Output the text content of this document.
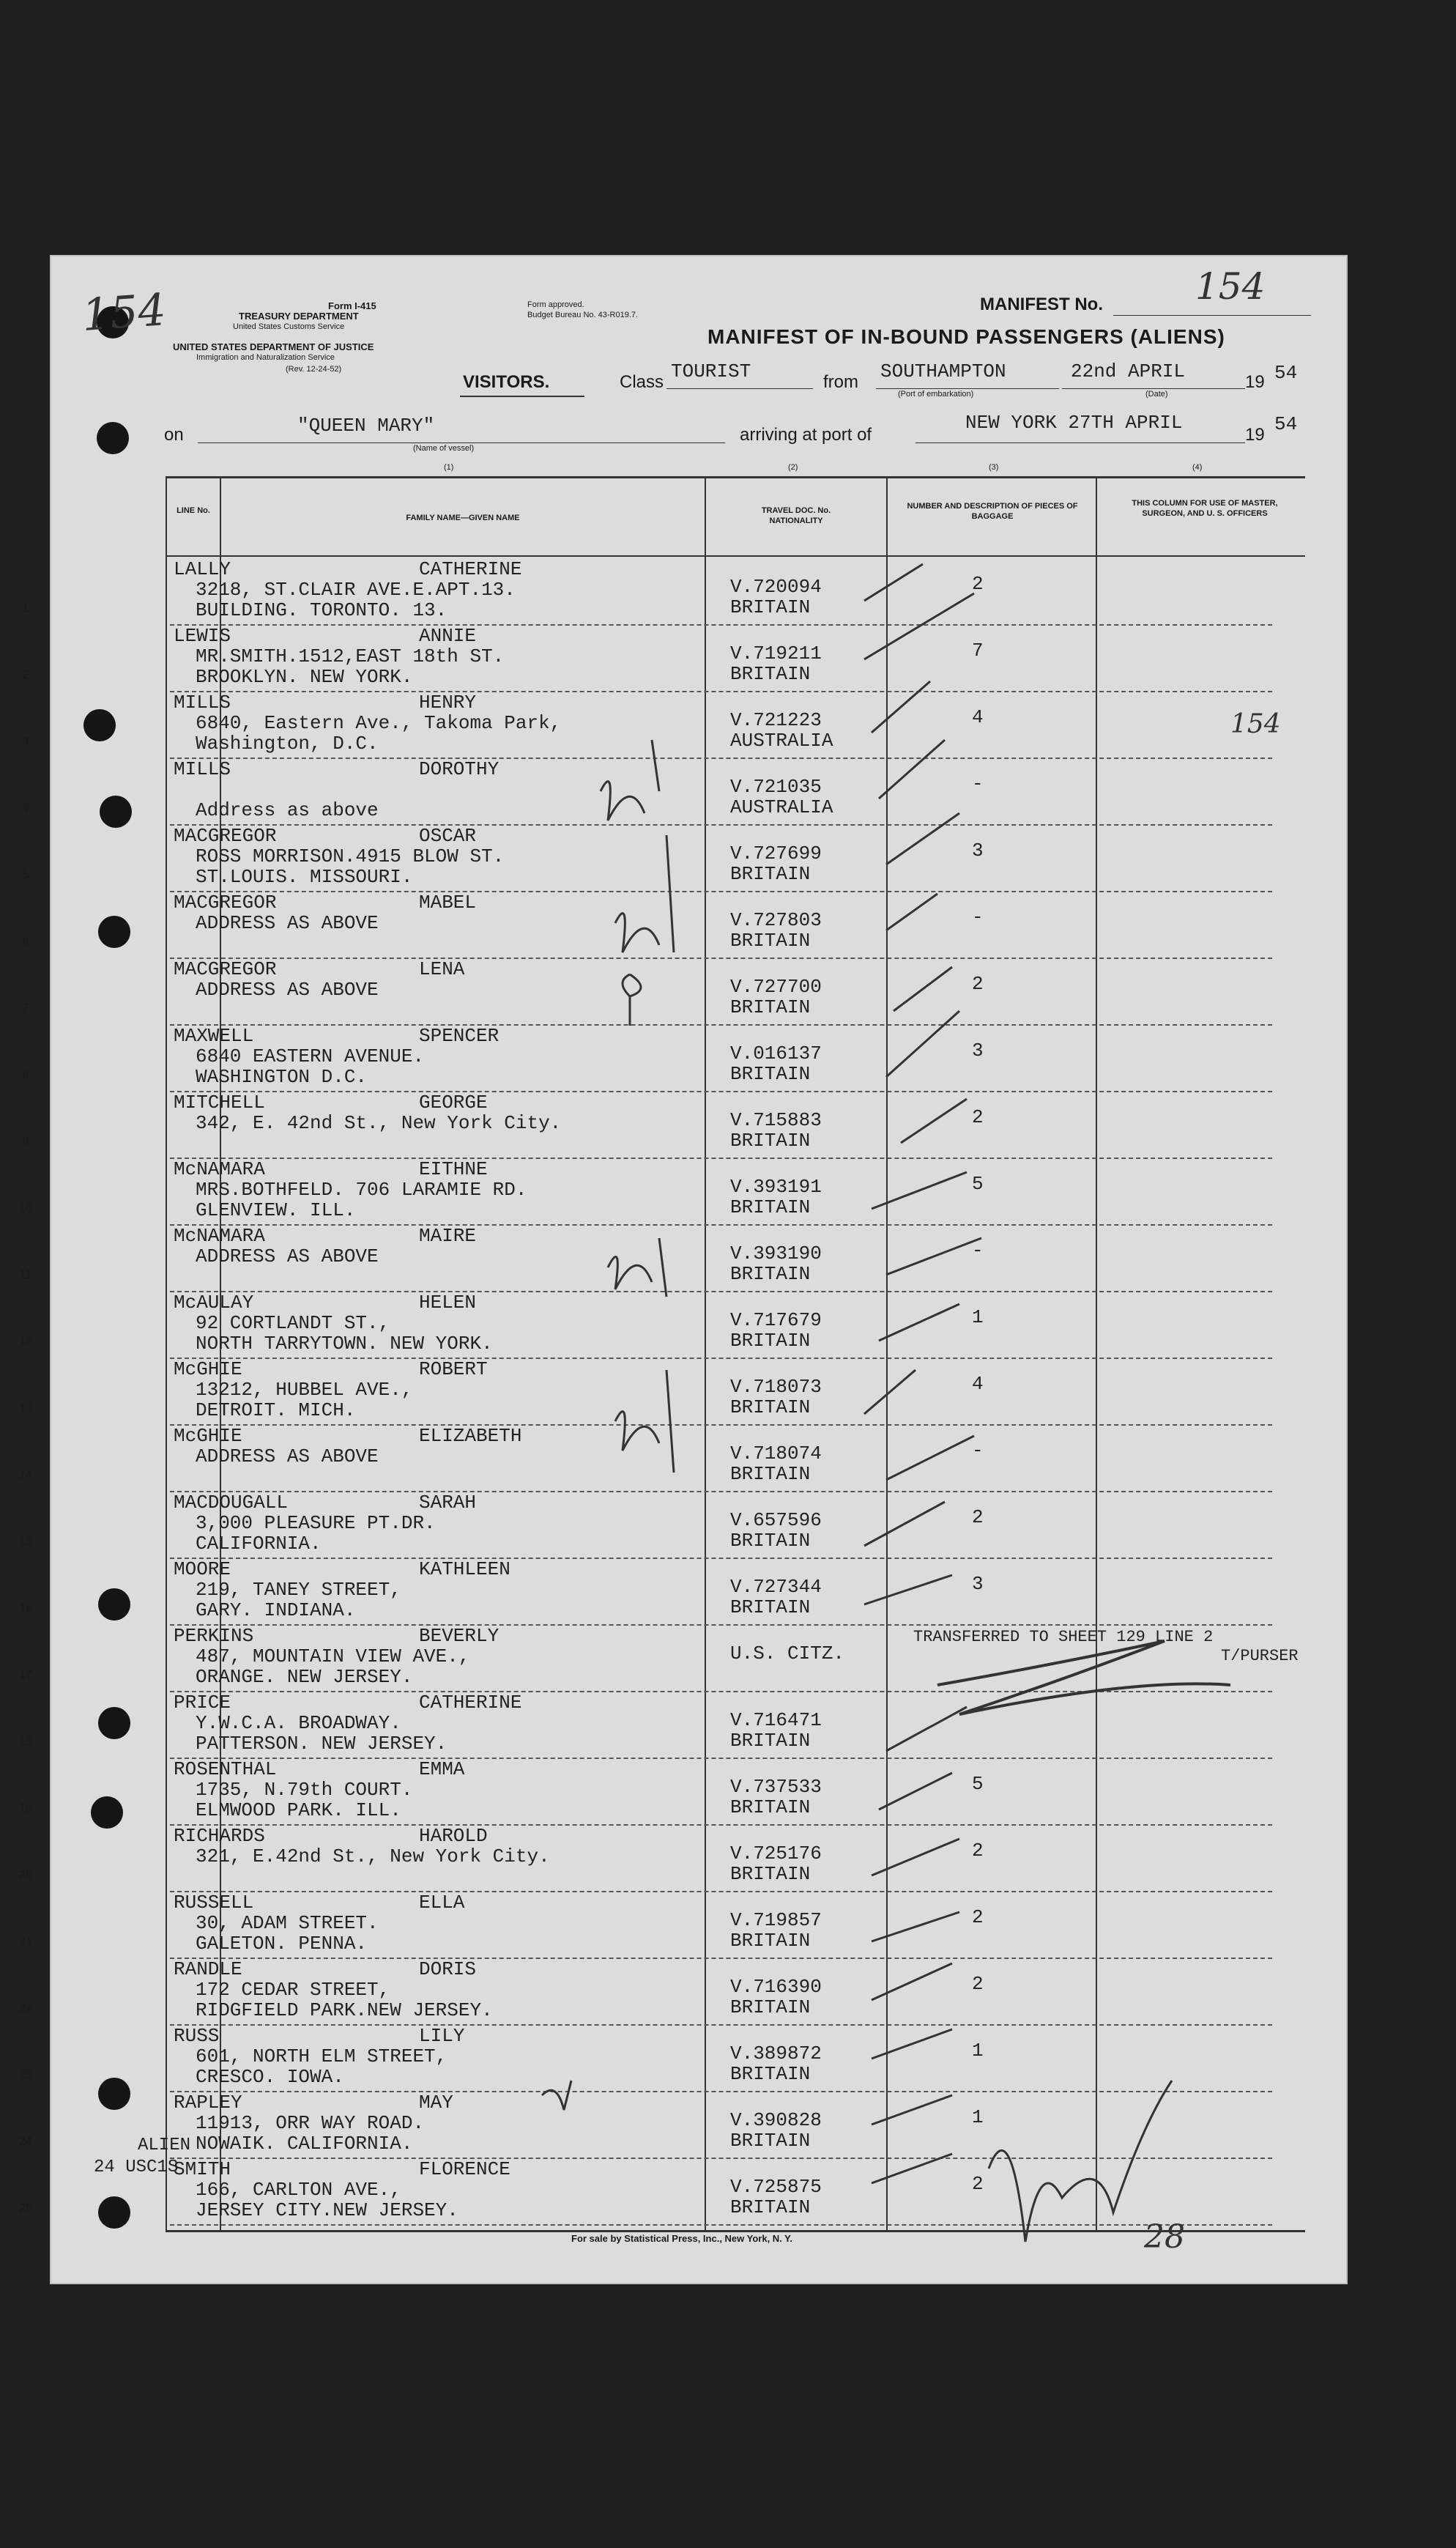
Form I-415
TREASURY DEPARTMENT
United States Customs Service
UNITED STATES DEPARTMENT OF JUSTICE
Immigration and Naturalization Service
(Rev. 12-24-52)
Form approved.
Budget Bureau No. 43-R019.7.
MANIFEST No.	154
MANIFEST OF IN-BOUND PASSENGERS (ALIENS)
VISITORS.	Class TOURIST	from SOUTHAMPTON
(Port of embarkation)
22nd APRIL
(Date)
19 54
on	"QUEEN MARY"
(Name of vessel)
arriving at port of
NEW YORK 27TH APRIL
19 54
(1)	(2)	(3)	(4)
LINE No.
FAMILY NAME—GIVEN NAME
TRAVEL DOC. No. NATIONALITY
NUMBER AND DESCRIPTION OF PIECES OF BAGGAGE
THIS COLUMN FOR USE OF MASTER, SURGEON, AND U. S. OFFICERS
1
LALLY	CATHERINE
3218, ST.CLAIR AVE.E.APT.13.
BUILDING. TORONTO. 13.
V.720094
BRITAIN
2
2
LEWIS	ANNIE
MR.SMITH.1512,EAST 18th ST.
BROOKLYN. NEW YORK.
V.719211
BRITAIN
7
3
MILLS	HENRY
6840, Eastern Ave., Takoma Park,
Washington, D.C.
V.721223
AUSTRALIA
4
4
MILLS	DOROTHY
Address as above
V.721035
AUSTRALIA
-
5
MACGREGOR	OSCAR
ROSS MORRISON.4915 BLOW ST.
ST.LOUIS. MISSOURI.
V.727699
BRITAIN
3
6
MACGREGOR	MABEL
ADDRESS AS ABOVE	V.727803
BRITAIN
-
7
MACGREGOR	LENA
ADDRESS AS ABOVE	V.727700
BRITAIN
2
8
MAXWELL	SPENCER
6840 EASTERN AVENUE.
WASHINGTON D.C.
V.016137
BRITAIN
3
9
MITCHELL	GEORGE
342, E. 42nd St., New York City.	V.715883
BRITAIN
2
10
McNAMARA	EITHNE
MRS.BOTHFELD. 706 LARAMIE RD.
GLENVIEW. ILL.
V.393191
BRITAIN
5
11
McNAMARA	MAIRE
ADDRESS AS ABOVE	V.393190
BRITAIN
-
12
McAULAY	HELEN
92 CORTLANDT ST.,
NORTH TARRYTOWN. NEW YORK.
V.717679
BRITAIN
1
13
McGHIE	ROBERT
13212, HUBBEL AVE.,
DETROIT. MICH.
V.718073
BRITAIN
4
14
McGHIE	ELIZABETH
ADDRESS AS ABOVE	V.718074
BRITAIN
-
15
MACDOUGALL	SARAH
3,000 PLEASURE PT.DR.
CALIFORNIA.
V.657596
BRITAIN
2
16
MOORE	KATHLEEN
219, TANEY STREET,
GARY. INDIANA.
V.727344
BRITAIN
3
17
PERKINS	BEVERLY
487, MOUNTAIN VIEW AVE.,
ORANGE. NEW JERSEY.
U.S. CITZ.
TRANSFERRED TO SHEET 129 LINE 2
T/PURSER
18
PRICE	CATHERINE
Y.W.C.A. BROADWAY.
PATTERSON. NEW JERSEY.
V.716471
BRITAIN
19
ROSENTHAL	EMMA
1735, N.79th COURT.
ELMWOOD PARK. ILL.
V.737533
BRITAIN
5
20
RICHARDS	HAROLD
321, E.42nd St., New York City.	V.725176
BRITAIN
2
21
RUSSELL	ELLA
30, ADAM STREET.
GALETON. PENNA.
V.719857
BRITAIN
2
22
RANDLE	DORIS
172 CEDAR STREET,
RIDGFIELD PARK.NEW JERSEY.
V.716390
BRITAIN
2
23
RUSS	LILY
601, NORTH ELM STREET,
CRESCO. IOWA.
V.389872
BRITAIN
1
24
RAPLEY	MAY
11913, ORR WAY ROAD.
NOWAIK. CALIFORNIA.
V.390828
BRITAIN
1
25
SMITH	FLORENCE
166, CARLTON AVE.,
JERSEY CITY.NEW JERSEY.
V.725875
BRITAIN
2
154
154
ALIEN
24 USC1S
28
For sale by Statistical Press, Inc., New York, N. Y.
